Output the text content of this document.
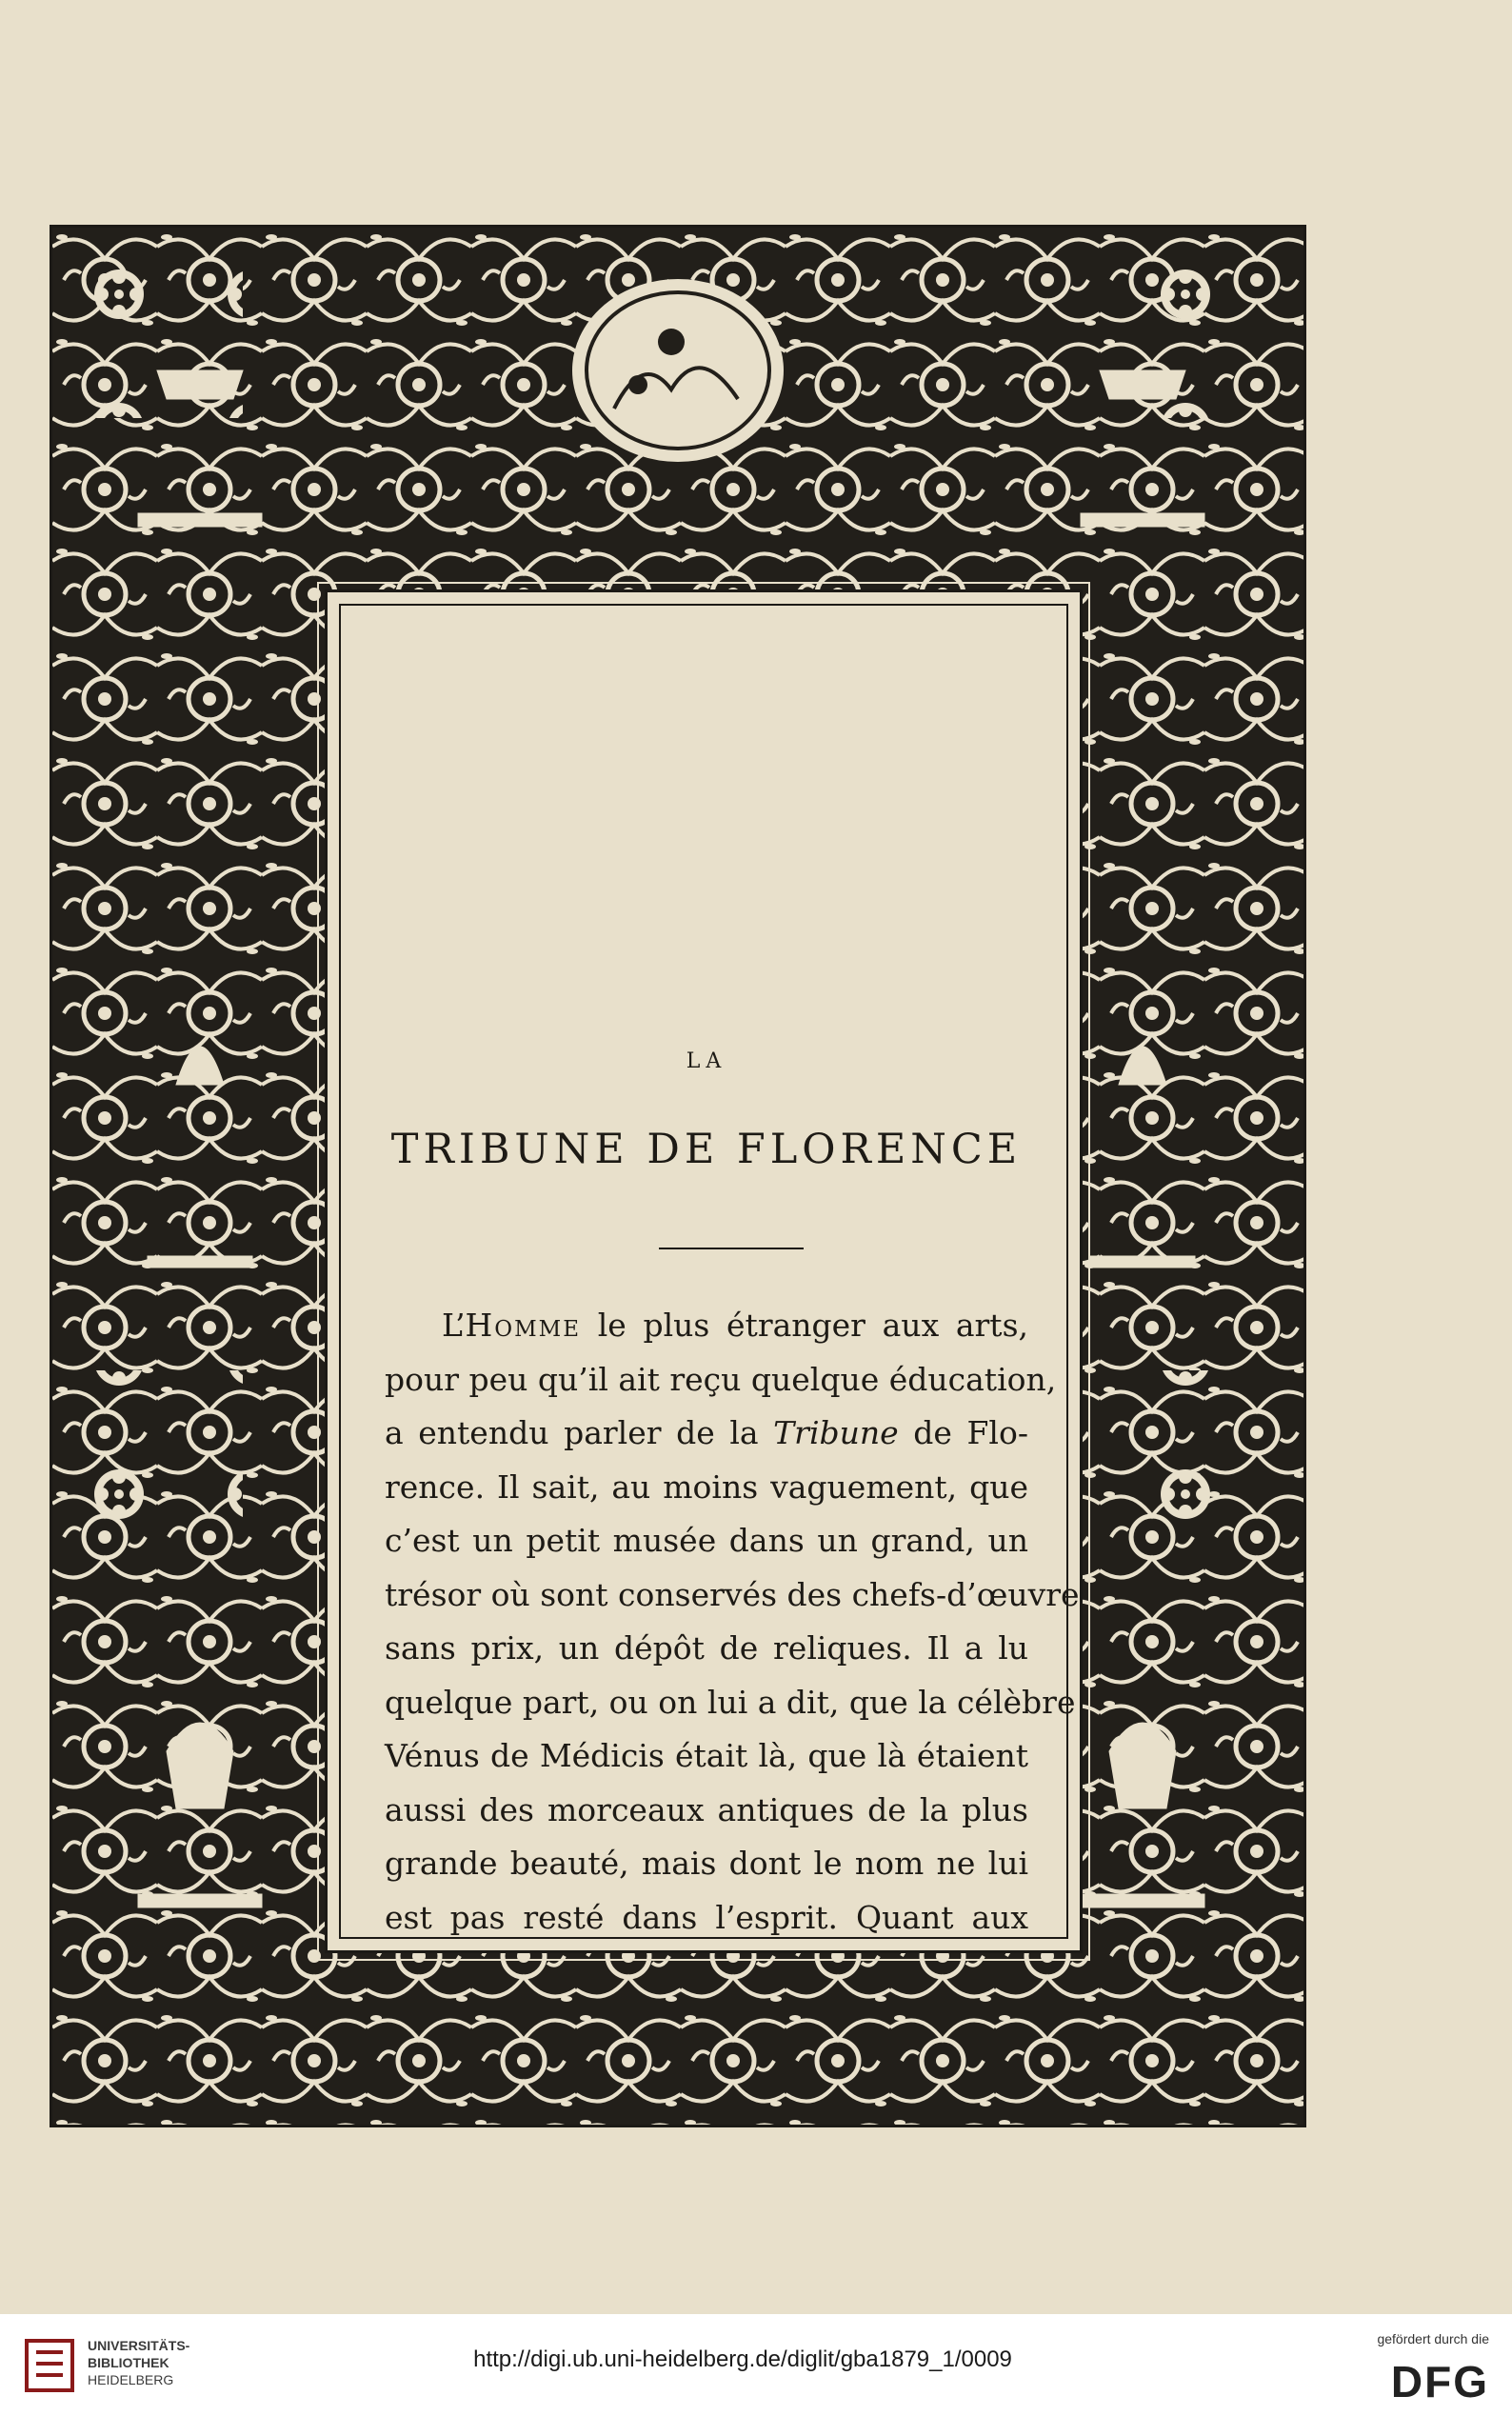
LA
TRIBUNE DE FLORENCE
L’Homme le plus étranger aux arts,
pour peu qu’il ait reçu quelque éducation,
a entendu parler de la Tribune de Flo-
rence. Il sait, au moins vaguement, que
c’est un petit musée dans un grand, un
trésor où sont conservés des chefs-d’œuvre
sans prix, un dépôt de reliques. Il a lu
quelque part, ou on lui a dit, que la célèbre
Vénus de Médicis était là, que là étaient
aussi des morceaux antiques de la plus
grande beauté, mais dont le nom ne lui
est pas resté dans l’esprit. Quant aux
UNIVERSITÄTS-
BIBLIOTHEK
HEIDELBERG
http://digi.ub.uni-heidelberg.de/diglit/gba1879_1/0009
gefördert durch die
DFG
